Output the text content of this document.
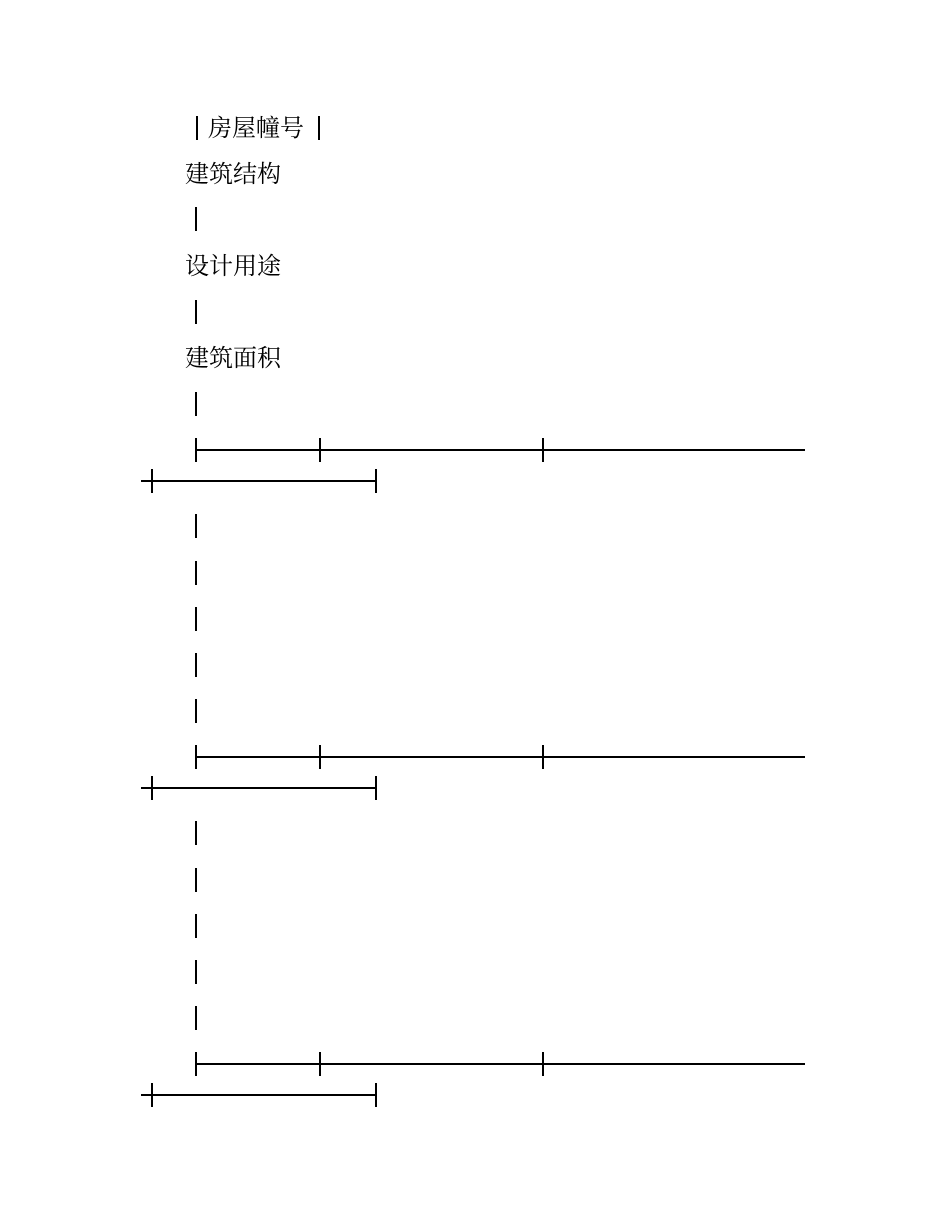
房屋幢号
建筑结构
设计用途
建筑面积
